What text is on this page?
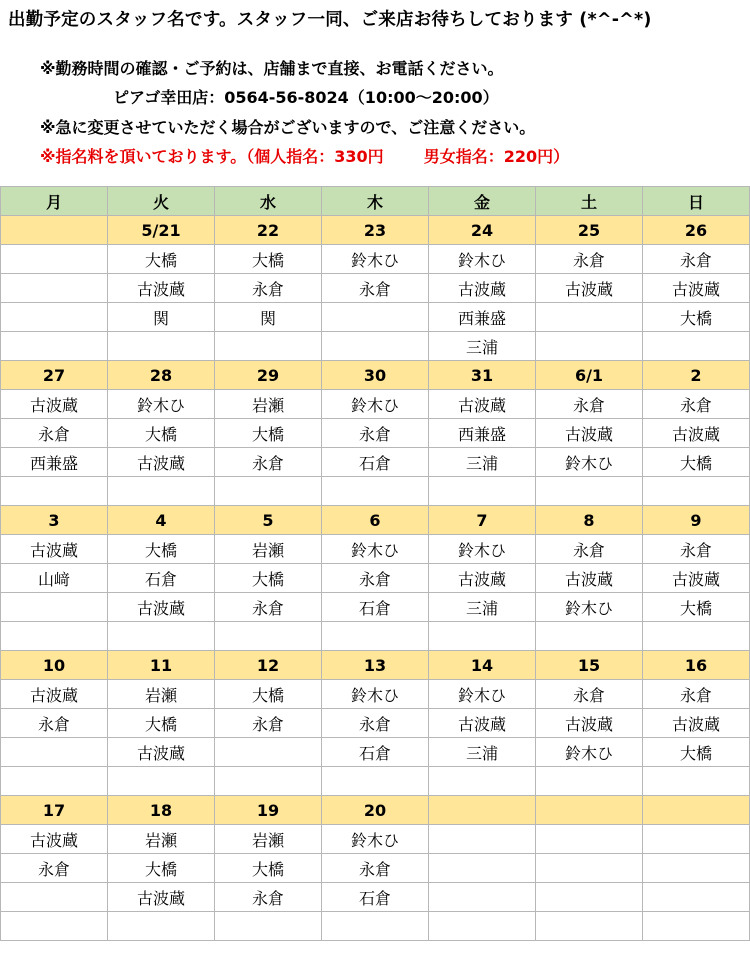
出勤予定のスタッフ名です。スタッフ一同、ご来店お待ちしております (*^-^*)
※勤務時間の確認・ご予約は、店舗まで直接、お電話ください。
ピアゴ幸田店：0564-56-8024（10:00～20:00）
※急に変更させていただく場合がございますので、ご注意ください。
※指名料を頂いております。（個人指名：330円	男女指名：220円）
月	火	水	木	金	土	日
	5/21	22	23	24	25	26
	大橋	大橋	鈴木ひ	鈴木ひ	永倉	永倉
	古波蔵	永倉	永倉	古波蔵	古波蔵	古波蔵
	関	関		西兼盛		大橋
				三浦		
27	28	29	30	31	6/1	2
古波蔵	鈴木ひ	岩瀬	鈴木ひ	古波蔵	永倉	永倉
永倉	大橋	大橋	永倉	西兼盛	古波蔵	古波蔵
西兼盛	古波蔵	永倉	石倉	三浦	鈴木ひ	大橋

3	4	5	6	7	8	9
古波蔵	大橋	岩瀬	鈴木ひ	鈴木ひ	永倉	永倉
山﨑	石倉	大橋	永倉	古波蔵	古波蔵	古波蔵
	古波蔵	永倉	石倉	三浦	鈴木ひ	大橋

10	11	12	13	14	15	16
古波蔵	岩瀬	大橋	鈴木ひ	鈴木ひ	永倉	永倉
永倉	大橋	永倉	永倉	古波蔵	古波蔵	古波蔵
	古波蔵		石倉	三浦	鈴木ひ	大橋

17	18	19	20			
古波蔵	岩瀬	岩瀬	鈴木ひ			
永倉	大橋	大橋	永倉			
	古波蔵	永倉	石倉			
